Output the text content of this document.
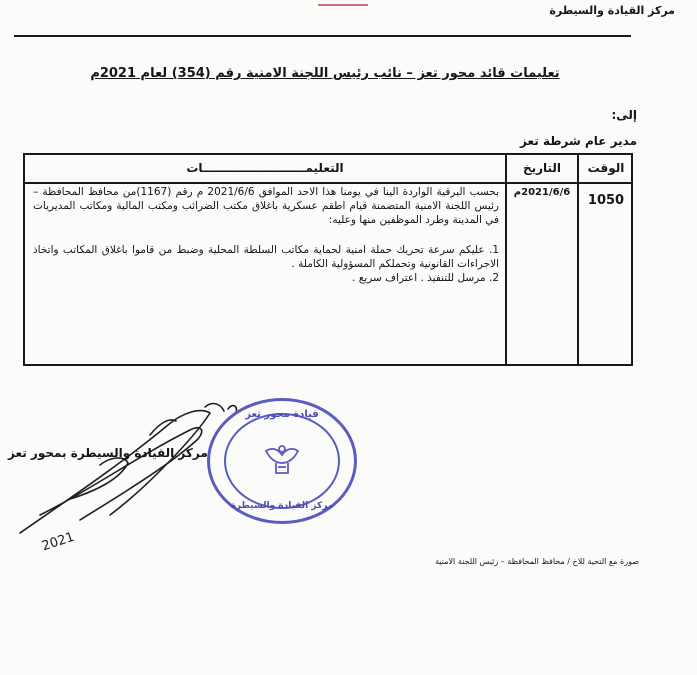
مركز القيادة والسيطرة
تعليمات قائد محور تعز – نائب رئيس اللجنة الامنية رقم (354) لعام 2021م
إلى:
مدير عام شرطة تعز
الوقت
التاريخ
التعليمـــــــــــــــــــــــــات
1050
2021/6/6م

بحسب البرقية الواردة الينا في يومنا هذا الاحد الموافق 2021/6/6 م رقم (1167)من محافظ المحافظة – رئيس اللجنة الامنية المتضمنة قيام اطقم عسكرية باغلاق مكتب الضرائب ومكتب المالية ومكاتب المديريات في المدينة وطرد الموظفين منها وعليه:

1. عليكم سرعة تحريك حملة امنية لحماية مكاتب السلطة المحلية وضبط من قاموا باغلاق المكاتب واتخاذ الاجراءات القانونية وتحملكم المسؤولية الكاملة .

2. مرسل للتنفيذ . اعتراف سريع .

2021
مركز القيادة والسيطرة بمحور تعز
قيادة محور تعز
مركز القيادة والسيطرة
صورة مع التحية للاخ / محافظ المحافظة – رئيس اللجنة الامنية
